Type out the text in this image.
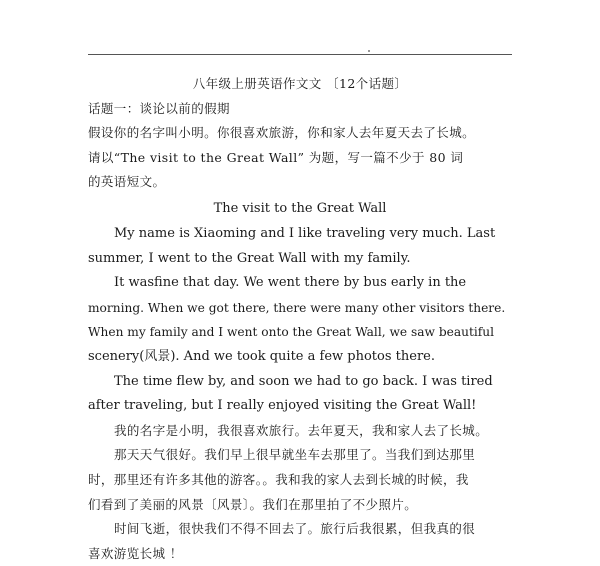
八年级上册英语作文文 〔12个话题〕
话题一：谈论以前的假期
假设你的名字叫小明。你很喜欢旅游，你和家人去年夏天去了长城。
请以“The visit to the Great Wall” 为题，写一篇不少于 80 词
的英语短文。
The visit to the Great Wall
My name is Xiaoming and I like traveling very much. Last
summer, I went to the Great Wall with my family.
It wasfine that day. We went there by bus early in the
morning. When we got there, there were many other visitors there.
When my family and I went onto the Great Wall, we saw beautiful
scenery(风景). And we took quite a few photos there.
The time flew by, and soon we had to go back. I was tired
after traveling, but I really enjoyed visiting the Great Wall!
我的名字是小明，我很喜欢旅行。去年夏天，我和家人去了长城。
那天天气很好。我们早上很早就坐车去那里了。当我们到达那里
时，那里还有许多其他的游客。。我和我的家人去到长城的时候，我
们看到了美丽的风景〔风景〕。我们在那里拍了不少照片。
时间飞逝，很快我们不得不回去了。旅行后我很累，但我真的很
喜欢游览长城 ！
